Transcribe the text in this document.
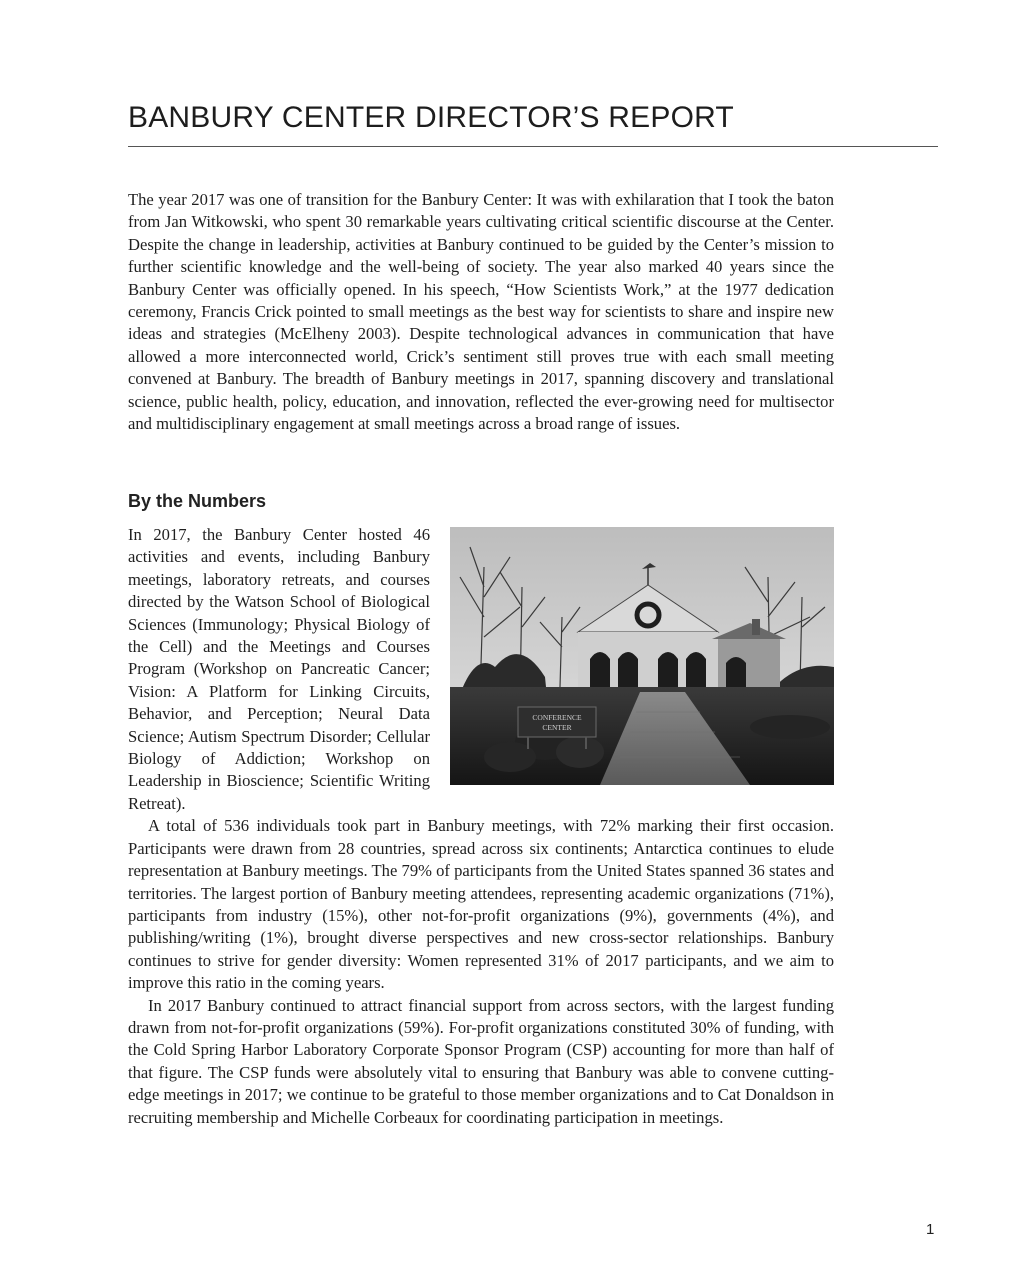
BANBURY CENTER DIRECTOR’S REPORT

The year 2017 was one of transition for the Banbury Center: It was with exhilaration that I took the baton from Jan Witkowski, who spent 30 remarkable years cultivating critical scientific discourse at the Center. Despite the change in leadership, activities at Banbury continued to be guided by the Center’s mission to further scientific knowledge and the well-being of society. The year also marked 40 years since the Banbury Center was officially opened. In his speech, “How Scientists Work,” at the 1977 dedication ceremony, Francis Crick pointed to small meetings as the best way for scientists to share and inspire new ideas and strategies (McElheny 2003). Despite technological advances in communication that have allowed a more interconnected world, Crick’s sentiment still proves true with each small meeting convened at Banbury. The breadth of Banbury meetings in 2017, spanning discovery and translational science, public health, policy, education, and innovation, reflected the ever-growing need for multisector and multidisciplinary engagement at small meetings across a broad range of issues.

By the Numbers
CONFERENCE
CENTER

In 2017, the Banbury Center hosted 46 activities and events, including Banbury meetings, laboratory retreats, and courses directed by the Watson School of Biological Sciences (Immunology; Physical Biology of the Cell) and the Meetings and Courses Program (Workshop on Pancreatic Cancer; Vision: A Platform for Linking Circuits, Behavior, and Perception; Neural Data Science; Autism Spectrum Disorder; Cellular Biology of Addiction; Workshop on Leadership in Bioscience; Scientific Writing Retreat).

A total of 536 individuals took part in Banbury meetings, with 72% marking their first occasion. Participants were drawn from 28 countries, spread across six continents; Antarctica continues to elude representation at Banbury meetings. The 79% of participants from the United States spanned 36 states and territories. The largest portion of Banbury meeting attendees, representing academic organizations (71%), participants from industry (15%), other not-for-profit organizations (9%), governments (4%), and publishing/writing (1%), brought diverse perspectives and new cross-sector relationships. Banbury continues to strive for gender diversity: Women represented 31% of 2017 participants, and we aim to improve this ratio in the coming years.

In 2017 Banbury continued to attract financial support from across sectors, with the largest funding drawn from not-for-profit organizations (59%). For-profit organizations constituted 30% of funding, with the Cold Spring Harbor Laboratory Corporate Sponsor Program (CSP) accounting for more than half of that figure. The CSP funds were absolutely vital to ensuring that Banbury was able to convene cutting-edge meetings in 2017; we continue to be grateful to those member organizations and to Cat Donaldson in recruiting membership and Michelle Corbeaux for coordinating participation in meetings.

1
